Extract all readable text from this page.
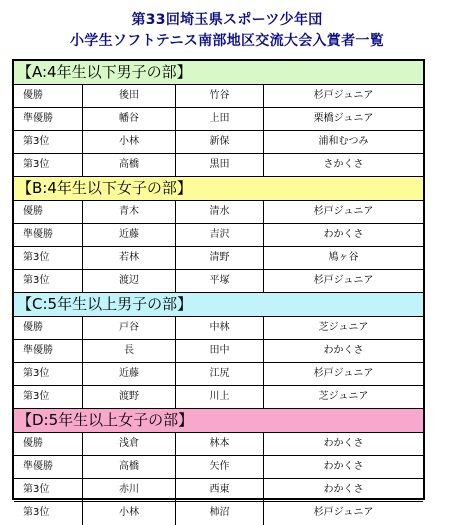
第33回埼玉県スポーツ少年団
小学生ソフトテニス南部地区交流大会入賞者一覧
【A:4年生以下男子の部】
優勝	後田	竹谷	杉戸ジュニア
準優勝	幡谷	上田	栗橋ジュニア
第3位	小林	新保	浦和むつみ
第3位	高橋	黒田	さかくさ
【B:4年生以下女子の部】
優勝	青木	清水	杉戸ジュニア
準優勝	近藤	吉沢	わかくさ
第3位	若林	清野	鳩ヶ谷
第3位	渡辺	平塚	杉戸ジュニア
【C:5年生以上男子の部】
優勝	戸谷	中林	芝ジュニア
準優勝	長	田中	わかくさ
第3位	近藤	江尻	杉戸ジュニア
第3位	渡野	川上	芝ジュニア
【D:5年生以上女子の部】
優勝	浅倉	林本	わかくさ
準優勝	高橋	矢作	わかくさ
第3位	赤川	西東	わかくさ
第3位	小林	柿沼	杉戸ジュニア
